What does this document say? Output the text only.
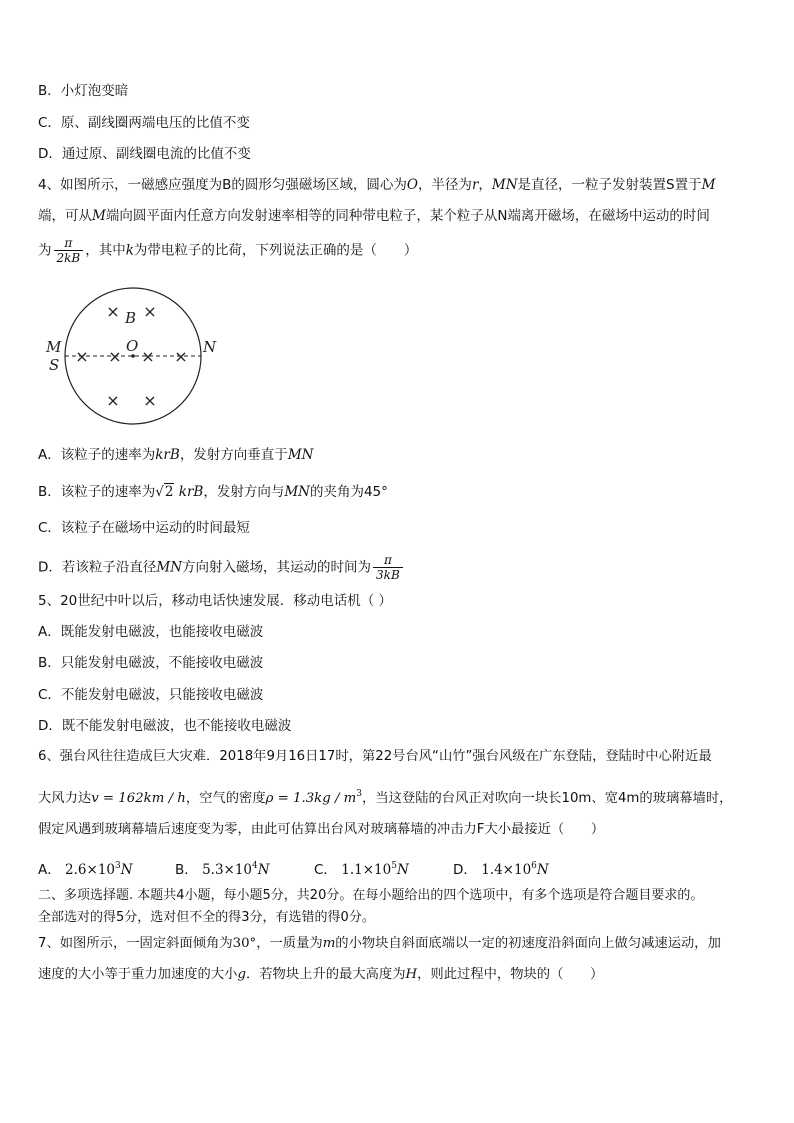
B．小灯泡变暗
C．原、副线圈两端电压的比值不变
D．通过原、副线圈电流的比值不变
4、如图所示，一磁感应强度为B的圆形匀强磁场区域，圆心为O，半径为r，MN是直径，一粒子发射装置S置于M
端，可从M端向圆平面内任意方向发射速率相等的同种带电粒子，某个粒子从N端离开磁场，在磁场中运动的时间
为 $\frac{\pi}{2kB}$ ，其中k为带电粒子的比荷，下列说法正确的是（　　）
× ×
× × × ×
× ×
B
O
M
S
N
A．该粒子的速率为krB，发射方向垂直于MN
B．该粒子的速率为√2 krB，发射方向与MN的夹角为45°
C．该粒子在磁场中运动的时间最短
D．若该粒子沿直径MN方向射入磁场，其运动的时间为 $\frac{\pi}{3kB}$
5、20世纪中叶以后，移动电话快速发展．移动电话机（ ）
A．既能发射电磁波，也能接收电磁波
B．只能发射电磁波，不能接收电磁波
C．不能发射电磁波，只能接收电磁波
D．既不能发射电磁波，也不能接收电磁波
6、强台风往往造成巨大灾难．2018年9月16日17时，第22号台风“山竹”强台风级在广东登陆，登陆时中心附近最
大风力达v = 162km / h，空气的密度$\rho = 1.3kg / m^3$，当这登陆的台风正对吹向一块长10m、宽4m的玻璃幕墙时，
假定风遇到玻璃幕墙后速度变为零，由此可估算出台风对玻璃幕墙的冲击力F大小最接近（　　）
A． $2.6\times 10^3N$	B． $5.3\times 10^4N$	C． $1.1\times 10^5N$	D． $1.4\times 10^6N$
二、多项选择题. 本题共4小题，每小题5分，共20分。在每小题给出的四个选项中，有多个选项是符合题目要求的。
全部选对的得5分，选对但不全的得3分，有选错的得0分。
7、如图所示，一固定斜面倾角为30°，一质量为m的小物块自斜面底端以一定的初速度沿斜面向上做匀减速运动，加
速度的大小等于重力加速度的大小g．若物块上升的最大高度为H，则此过程中，物块的（　　）
